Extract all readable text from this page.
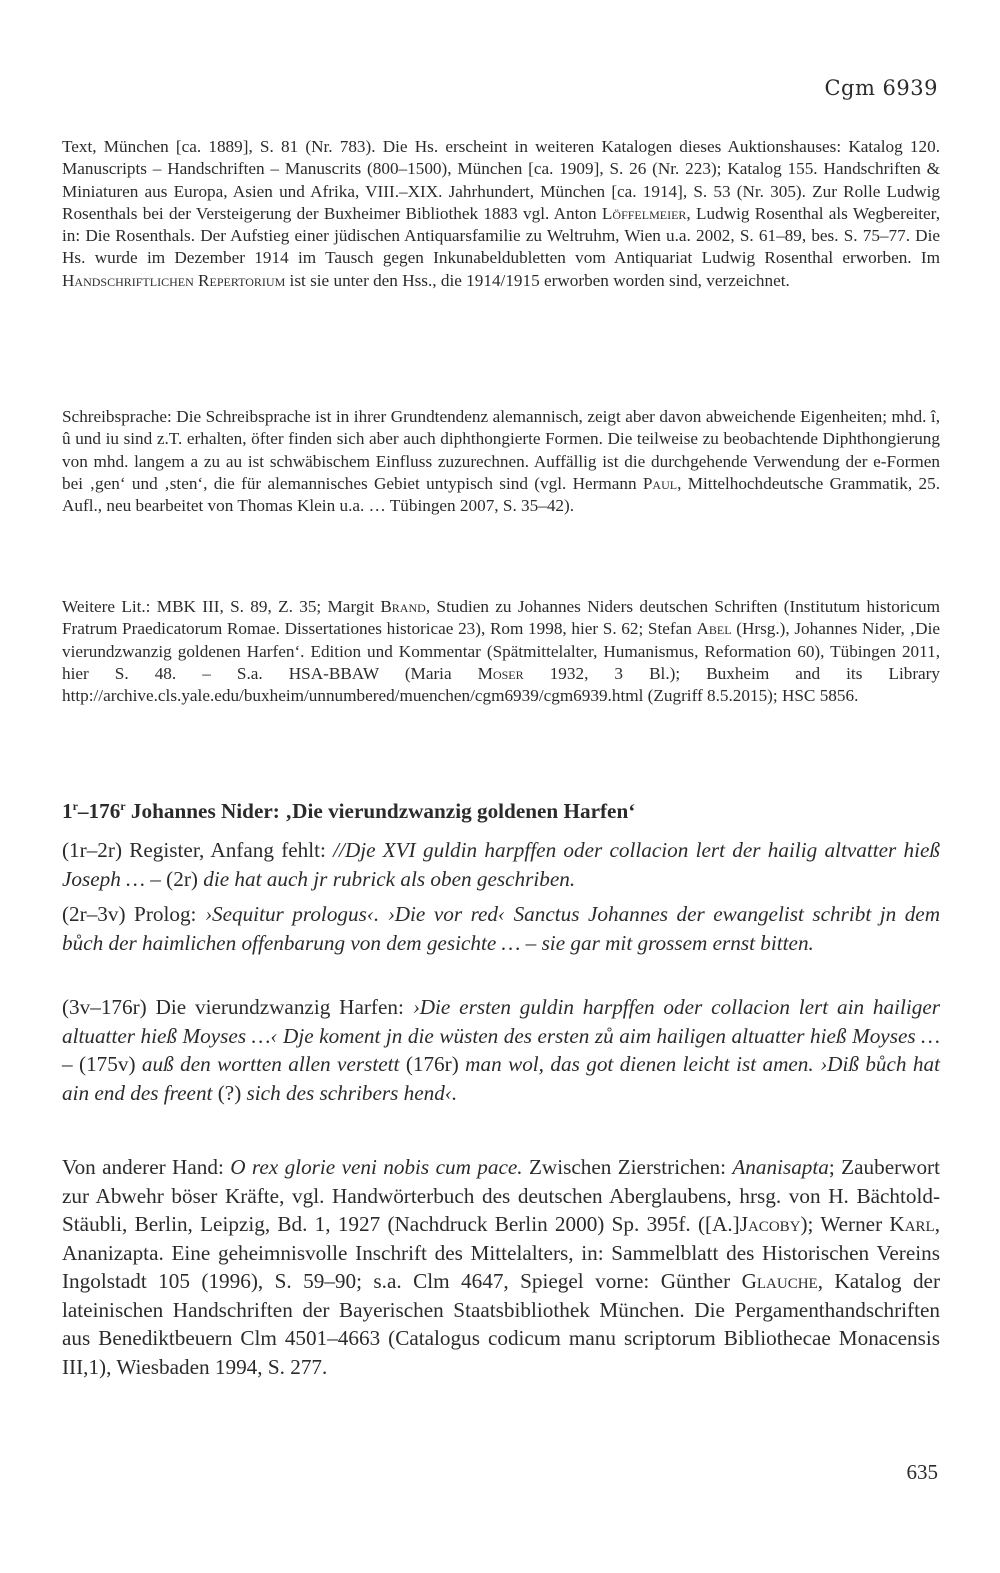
Cgm 6939

Text, München [ca. 1889], S. 81 (Nr. 783). Die Hs. erscheint in weiteren Katalogen dieses Auktionshauses: Katalog 120. Manuscripts – Handschriften – Manuscrits (800–1500), München [ca. 1909], S. 26 (Nr. 223); Katalog 155. Handschriften & Miniaturen aus Europa, Asien und Afrika, VIII.–XIX. Jahrhundert, München [ca. 1914], S. 53 (Nr. 305). Zur Rolle Ludwig Rosenthals bei der Versteigerung der Buxheimer Bibliothek 1883 vgl. Anton Löffelmeier, Ludwig Rosenthal als Wegbereiter, in: Die Rosenthals. Der Aufstieg einer jüdischen Antiquarsfamilie zu Weltruhm, Wien u.a. 2002, S. 61–89, bes. S. 75–77. Die Hs. wurde im Dezember 1914 im Tausch gegen Inkunabeldubletten vom Antiquariat Ludwig Rosenthal erworben. Im Handschriftlichen Repertorium ist sie unter den Hss., die 1914/1915 erworben worden sind, verzeichnet.

Schreibsprache: Die Schreibsprache ist in ihrer Grundtendenz alemannisch, zeigt aber davon abweichende Eigenheiten; mhd. î, û und iu sind z.T. erhalten, öfter finden sich aber auch diphthongierte Formen. Die teilweise zu beobachtende Diphthongierung von mhd. langem a zu au ist schwäbischem Einfluss zuzurechnen. Auffällig ist die durchgehende Verwendung der e-Formen bei ‚gen‘ und ‚sten‘, die für alemannisches Gebiet untypisch sind (vgl. Hermann Paul, Mittelhochdeutsche Grammatik, 25. Aufl., neu bearbeitet von Thomas Klein u.a. … Tübingen 2007, S. 35–42).

Weitere Lit.: MBK III, S. 89, Z. 35; Margit Brand, Studien zu Johannes Niders deutschen Schriften (Institutum historicum Fratrum Praedicatorum Romae. Dissertationes historicae 23), Rom 1998, hier S. 62; Stefan Abel (Hrsg.), Johannes Nider, ‚Die vierundzwanzig goldenen Harfen‘. Edition und Kommentar (Spätmittelalter, Humanismus, Reformation 60), Tübingen 2011, hier S. 48. – S.a. HSA-BBAW (Maria Moser 1932, 3 Bl.); Buxheim and its Library http://archive.cls.yale.edu/buxheim/unnumbered/muenchen/cgm6939/cgm6939.html (Zugriff 8.5.2015); HSC 5856.

1$^r$–176$^r$ Johannes Nider: ‚Die vierundzwanzig goldenen Harfen‘

(1r–2r) Register, Anfang fehlt: //Dje XVI guldin harpffen oder collacion lert der hailig altvatter hieß Joseph … – (2r) die hat auch jr rubrick als oben geschriben.

(2r–3v) Prolog: ›Sequitur prologus‹. ›Die vor red‹ Sanctus Johannes der ewangelist schribt jn dem bůch der haimlichen offenbarung von dem gesichte … – sie gar mit grossem ernst bitten.

(3v–176r) Die vierundzwanzig Harfen: ›Die ersten guldin harpffen oder collacion lert ain hailiger altuatter hieß Moyses …‹ Dje koment jn die wüsten des ersten zů aim hailigen altuatter hieß Moyses … – (175v) auß den wortten allen verstett (176r) man wol, das got dienen leicht ist amen. ›Diß bůch hat ain end des freent (?) sich des schribers hend‹.

Von anderer Hand: O rex glorie veni nobis cum pace. Zwischen Zierstrichen: Ananisapta; Zauberwort zur Abwehr böser Kräfte, vgl. Handwörterbuch des deutschen Aberglaubens, hrsg. von H. Bächtold-Stäubli, Berlin, Leipzig, Bd. 1, 1927 (Nachdruck Berlin 2000) Sp. 395f. ([A.]Jacoby); Werner Karl, Ananizapta. Eine geheimnisvolle Inschrift des Mittelalters, in: Sammelblatt des Historischen Vereins Ingolstadt 105 (1996), S. 59–90; s.a. Clm 4647, Spiegel vorne: Günther Glauche, Katalog der lateinischen Handschriften der Bayerischen Staatsbibliothek München. Die Pergamenthandschriften aus Benediktbeuern Clm 4501–4663 (Catalogus codicum manu scriptorum Bibliothecae Monacensis III,1), Wiesbaden 1994, S. 277.

635
